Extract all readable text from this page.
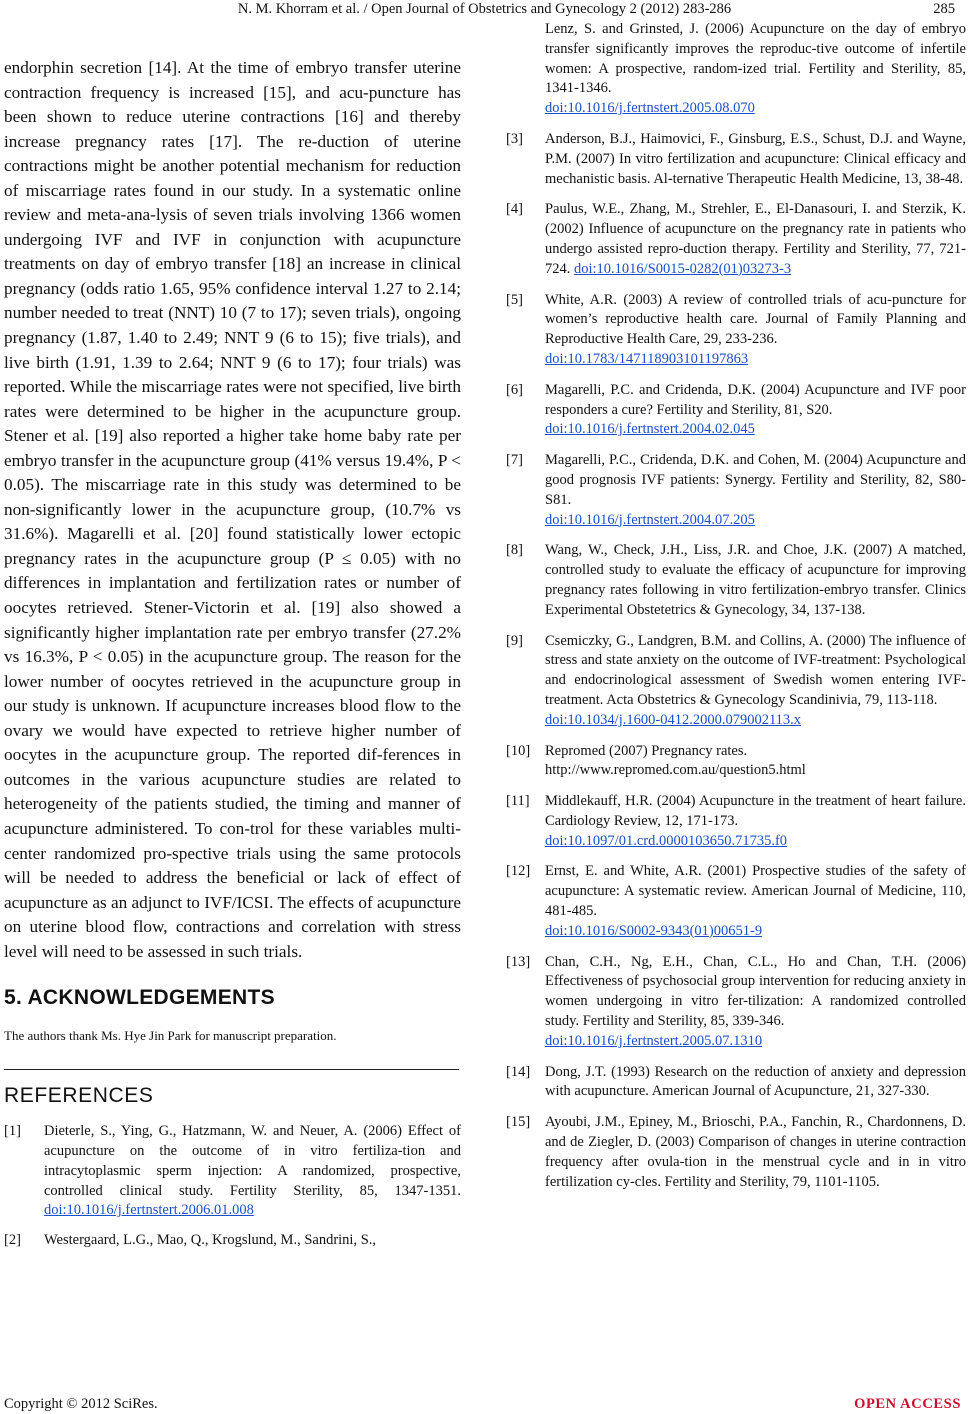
N. M. Khorram et al. / Open Journal of Obstetrics and Gynecology 2 (2012) 283-286	285

endorphin secretion [14]. At the time of embryo transfer uterine contraction frequency is increased [15], and acu-puncture has been shown to reduce uterine contractions [16] and thereby increase pregnancy rates [17]. The re-duction of uterine contractions might be another potential mechanism for reduction of miscarriage rates found in our study. In a systematic online review and meta-ana-lysis of seven trials involving 1366 women undergoing IVF and IVF in conjunction with acupuncture treatments on day of embryo transfer [18] an increase in clinical pregnancy (odds ratio 1.65, 95% confidence interval 1.27 to 2.14; number needed to treat (NNT) 10 (7 to 17); seven trials), ongoing pregnancy (1.87, 1.40 to 2.49; NNT 9 (6 to 15); five trials), and live birth (1.91, 1.39 to 2.64; NNT 9 (6 to 17); four trials) was reported. While the miscarriage rates were not specified, live birth rates were determined to be higher in the acupuncture group. Stener et al. [19] also reported a higher take home baby rate per embryo transfer in the acupuncture group (41% versus 19.4%, P < 0.05). The miscarriage rate in this study was determined to be non-significantly lower in the acupuncture group, (10.7% vs 31.6%). Magarelli et al. [20] found statistically lower ectopic pregnancy rates in the acupuncture group (P ≤ 0.05) with no differences in implantation and fertilization rates or number of oocytes retrieved. Stener-Victorin et al. [19] also showed a significantly higher implantation rate per embryo transfer (27.2% vs 16.3%, P < 0.05) in the acupuncture group. The reason for the lower number of oocytes retrieved in the acupuncture group in our study is unknown. If acupuncture increases blood flow to the ovary we would have expected to retrieve higher number of oocytes in the acupuncture group. The reported dif-ferences in outcomes in the various acupuncture studies are related to heterogeneity of the patients studied, the timing and manner of acupuncture administered. To con-trol for these variables multi-center randomized pro-spective trials using the same protocols will be needed to address the beneficial or lack of effect of acupuncture as an adjunct to IVF/ICSI. The effects of acupuncture on uterine blood flow, contractions and correlation with stress level will need to be assessed in such trials.

5. ACKNOWLEDGEMENTS

The authors thank Ms. Hye Jin Park for manuscript preparation.

REFERENCES
[1] Dieterle, S., Ying, G., Hatzmann, W. and Neuer, A. (2006) Effect of acupuncture on the outcome of in vitro fertiliza-tion and intracytoplasmic sperm injection: A randomized, prospective, controlled clinical study. Fertility Sterility, 85, 1347-1351. doi:10.1016/j.fertnstert.2006.01.008
[2] Westergaard, L.G., Mao, Q., Krogslund, M., Sandrini, S.,
Lenz, S. and Grinsted, J. (2006) Acupuncture on the day of embryo transfer significantly improves the reproduc-tive outcome of infertile women: A prospective, random-ized trial. Fertility and Sterility, 85, 1341-1346.
doi:10.1016/j.fertnstert.2005.08.070
[3] Anderson, B.J., Haimovici, F., Ginsburg, E.S., Schust, D.J. and Wayne, P.M. (2007) In vitro fertilization and acupuncture: Clinical efficacy and mechanistic basis. Al-ternative Therapeutic Health Medicine, 13, 38-48.
[4] Paulus, W.E., Zhang, M., Strehler, E., El-Danasouri, I. and Sterzik, K. (2002) Influence of acupuncture on the pregnancy rate in patients who undergo assisted repro-duction therapy. Fertility and Sterility, 77, 721-724. doi:10.1016/S0015-0282(01)03273-3
[5] White, A.R. (2003) A review of controlled trials of acu-puncture for women’s reproductive health care. Journal of Family Planning and Reproductive Health Care, 29, 233-236.
doi:10.1783/147118903101197863
[6] Magarelli, P.C. and Cridenda, D.K. (2004) Acupuncture and IVF poor responders a cure? Fertility and Sterility, 81, S20.
doi:10.1016/j.fertnstert.2004.02.045
[7] Magarelli, P.C., Cridenda, D.K. and Cohen, M. (2004) Acupuncture and good prognosis IVF patients: Synergy. Fertility and Sterility, 82, S80-S81.
doi:10.1016/j.fertnstert.2004.07.205
[8] Wang, W., Check, J.H., Liss, J.R. and Choe, J.K. (2007) A matched, controlled study to evaluate the efficacy of acupuncture for improving pregnancy rates following in vitro fertilization-embryo transfer. Clinics Experimental Obstetetrics & Gynecology, 34, 137-138.
[9] Csemiczky, G., Landgren, B.M. and Collins, A. (2000) The influence of stress and state anxiety on the outcome of IVF-treatment: Psychological and endocrinological assessment of Swedish women entering IVF-treatment. Acta Obstetrics & Gynecology Scandinivia, 79, 113-118.
doi:10.1034/j.1600-0412.2000.079002113.x
[10] Repromed (2007) Pregnancy rates.
http://www.repromed.com.au/question5.html
[11] Middlekauff, H.R. (2004) Acupuncture in the treatment of heart failure. Cardiology Review, 12, 171-173.
doi:10.1097/01.crd.0000103650.71735.f0
[12] Ernst, E. and White, A.R. (2001) Prospective studies of the safety of acupuncture: A systematic review. American Journal of Medicine, 110, 481-485.
doi:10.1016/S0002-9343(01)00651-9
[13] Chan, C.H., Ng, E.H., Chan, C.L., Ho and Chan, T.H. (2006) Effectiveness of psychosocial group intervention for reducing anxiety in women undergoing in vitro fer-tilization: A randomized controlled study. Fertility and Sterility, 85, 339-346.
doi:10.1016/j.fertnstert.2005.07.1310
[14] Dong, J.T. (1993) Research on the reduction of anxiety and depression with acupuncture. American Journal of Acupuncture, 21, 327-330.
[15] Ayoubi, J.M., Epiney, M., Brioschi, P.A., Fanchin, R., Chardonnens, D. and de Ziegler, D. (2003) Comparison of changes in uterine contraction frequency after ovula-tion in the menstrual cycle and in in vitro fertilization cy-cles. Fertility and Sterility, 79, 1101-1105.
Copyright © 2012 SciRes.	OPEN ACCESS
